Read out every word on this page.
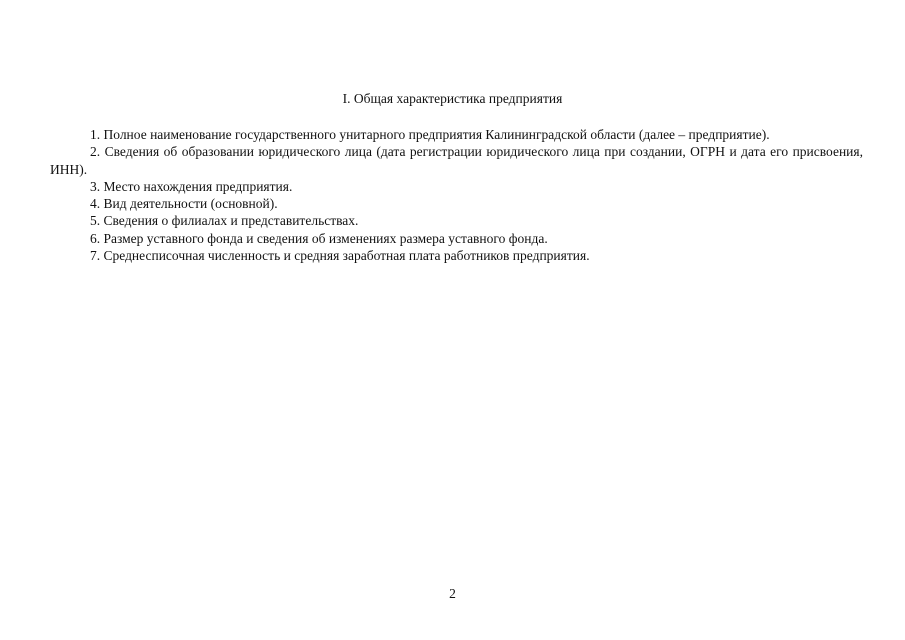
I. Общая характеристика предприятия
1. Полное наименование государственного унитарного предприятия Калининградской области (далее – предприятие).
2. Сведения об образовании юридического лица (дата регистрации юридического лица при создании, ОГРН и дата его присвоения, ИНН).
3. Место нахождения предприятия.
4. Вид деятельности (основной).
5. Сведения о филиалах и представительствах.
6. Размер уставного фонда и сведения об изменениях размера уставного фонда.
7. Среднесписочная численность и средняя заработная плата работников предприятия.
2
